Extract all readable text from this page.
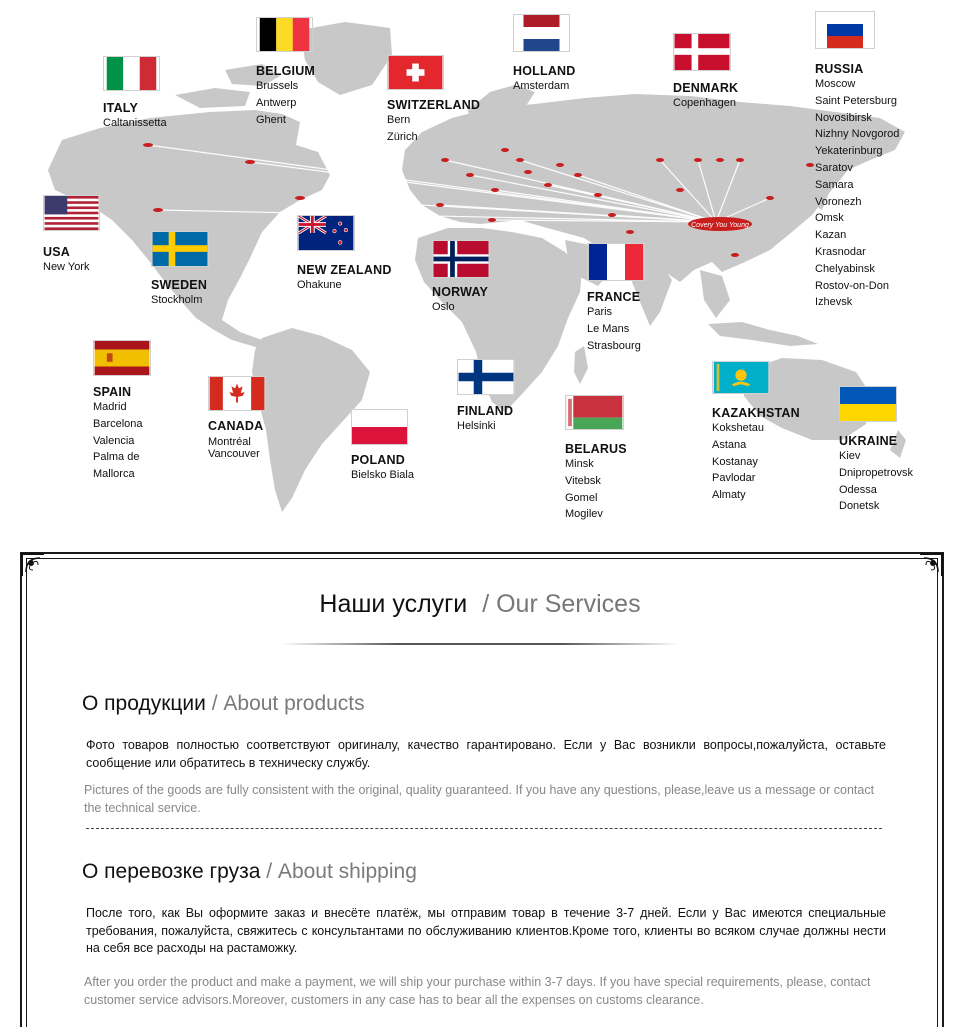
Covery You Young
ITALY
Caltanissetta
BELGIUM
Brussels
Antwerp
Ghent
SWITZERLAND
Bern
Zürich
HOLLAND
Amsterdam	DENMARK
Copenhagen
RUSSIA
Moscow
Saint Petersburg
Novosibirsk
Nizhny Novgorod
Yekaterinburg
Saratov
Samara
Voronezh
Omsk
Kazan
Krasnodar
Chelyabinsk
Rostov-on-Don
Izhevsk
USA
New York
SWEDEN
Stockholm
NEW ZEALAND
Ohakune	NORWAY
Oslo
FRANCE
Paris
Le Mans
Strasbourg
SPAIN
Madrid
Barcelona
Valencia
Palma de
Mallorca
CANADA
Montréal
Vancouver	POLAND
Bielsko Biala
FINLAND
Helsinki
BELARUS
Minsk
Vitebsk
Gomel
Mogilev
KAZAKHSTAN
Kokshetau
Astana
Kostanay
Pavlodar
Almaty
UKRAINE
Kiev
Dnipropetrovsk
Odessa
Donetsk
Наши услуги / Our Services
О продукции / About products

Фото товаров полностью соответствуют оригиналу, качество гарантировано. Если у Вас возникли вопросы,пожалуйста, оставьте сообщение или обратитесь в техническу службу.

Pictures of the goods are fully consistent with the original, quality guaranteed. If you have any questions, please,leave us a message or contact the technical service.

О перевозке груза / About shipping

После того, как Вы оформите заказ и внесёте платёж, мы отправим товар в течение 3-7 дней. Если у Вас имеются специальные требования, пожалуйста, свяжитесь с консультантами по обслуживанию клиентов.Кроме того, клиенты во всяком случае должны нести на себя все расходы на растаможку.

After you order the product and make a payment, we will ship your purchase within 3-7 days. If you have special requirements, please, contact customer service advisors.Moreover, customers in any case has to bear all the expenses on customs clearance.
